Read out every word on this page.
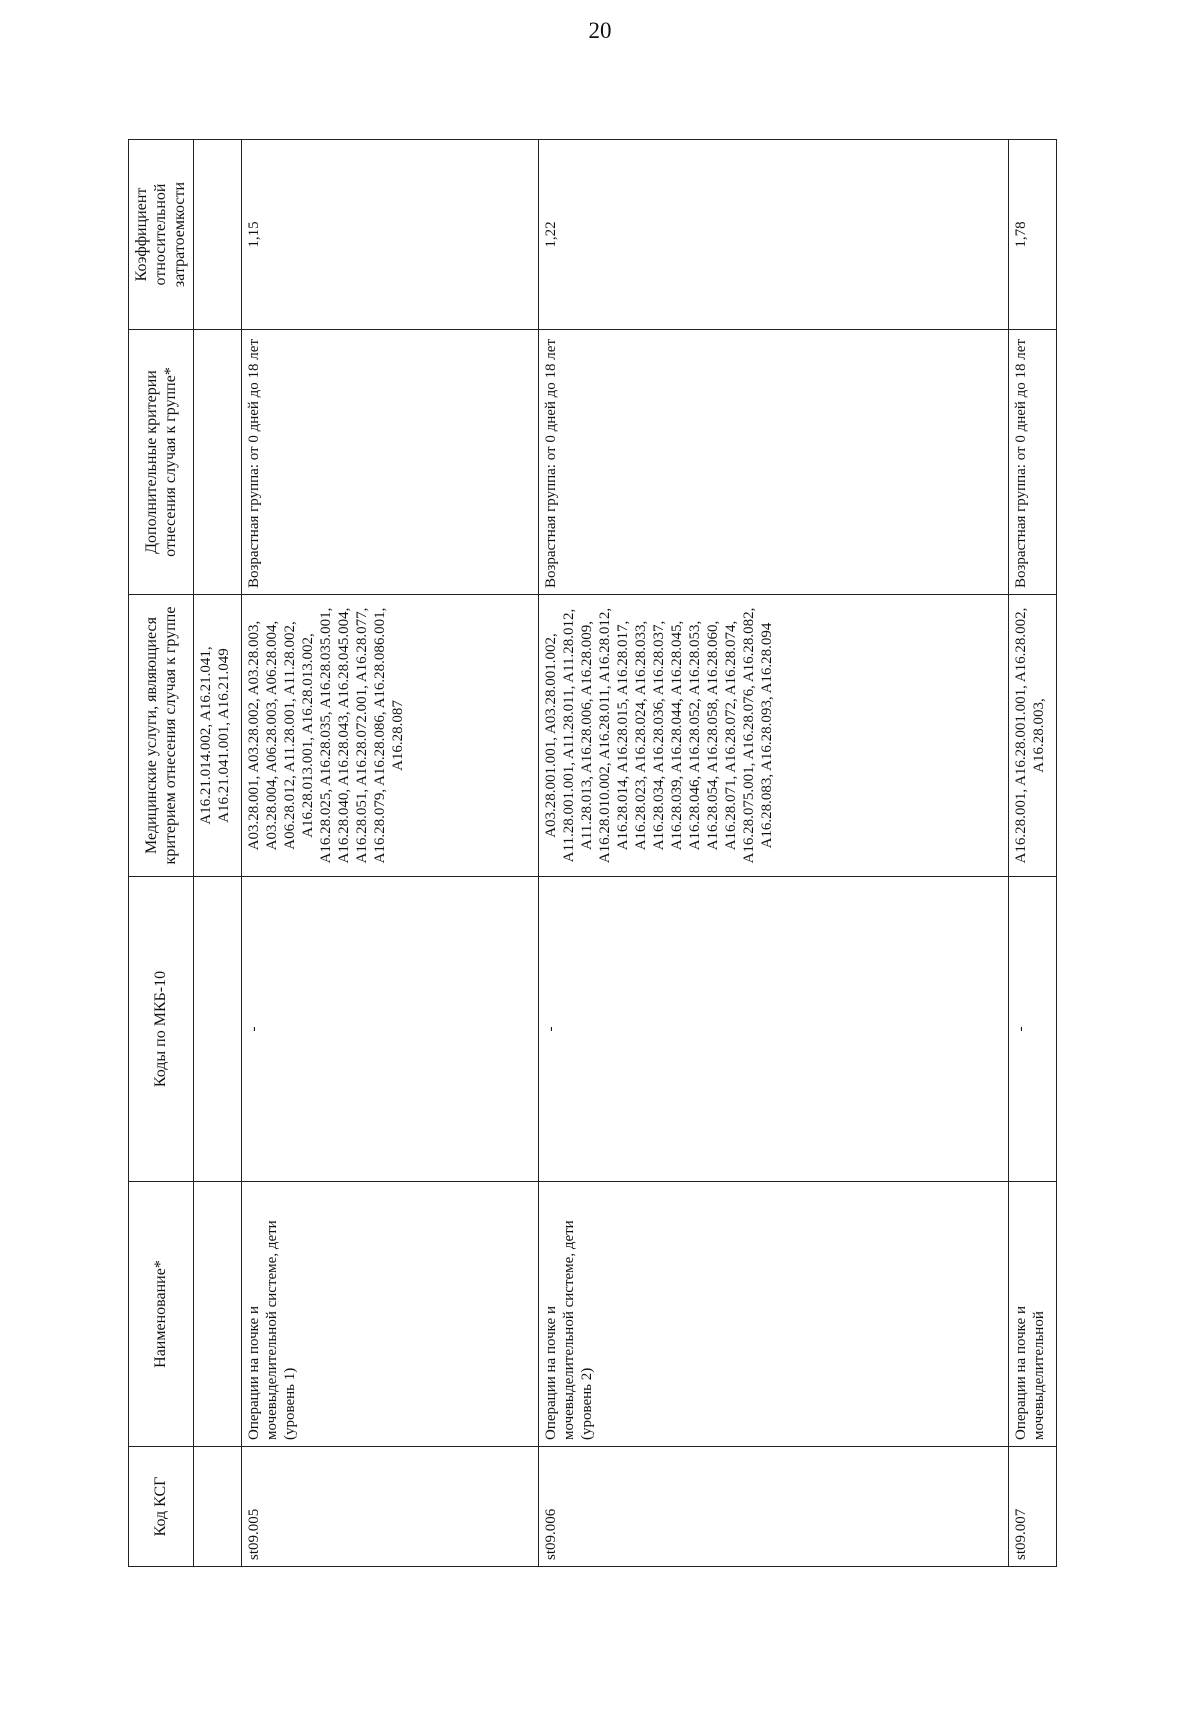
20
Код КСГ	Наименование*	Коды по МКБ-10	Медицинские услуги, являющиеся критерием отнесения случая к группе	Дополнительные критерии отнесения случая к группе*	Коэффициент относительной затратоемкости
			A16.21.014.002, A16.21.041, A16.21.041.001, A16.21.049		
st09.005	Операции на почке и мочевыделительной системе, дети (уровень 1)	-	A03.28.001, A03.28.002, A03.28.003, A03.28.004, A06.28.003, A06.28.004, A06.28.012, A11.28.001, A11.28.002, A16.28.013.001, A16.28.013.002, A16.28.025, A16.28.035, A16.28.035.001, A16.28.040, A16.28.043, A16.28.045.004, A16.28.051, A16.28.072.001, A16.28.077, A16.28.079, A16.28.086, A16.28.086.001, A16.28.087	Возрастная группа: от 0 дней до 18 лет	1,15
st09.006	Операции на почке и мочевыделительной системе, дети (уровень 2)	-	A03.28.001.001, A03.28.001.002, A11.28.001.001, A11.28.011, A11.28.012, A11.28.013, A16.28.006, A16.28.009, A16.28.010.002, A16.28.011, A16.28.012, A16.28.014, A16.28.015, A16.28.017, A16.28.023, A16.28.024, A16.28.033, A16.28.034, A16.28.036, A16.28.037, A16.28.039, A16.28.044, A16.28.045, A16.28.046, A16.28.052, A16.28.053, A16.28.054, A16.28.058, A16.28.060, A16.28.071, A16.28.072, A16.28.074, A16.28.075.001, A16.28.076, A16.28.082, A16.28.083, A16.28.093, A16.28.094	Возрастная группа: от 0 дней до 18 лет	1,22
st09.007	Операции на почке и мочевыделительной	-	A16.28.001, A16.28.001.001, A16.28.002, A16.28.003,	Возрастная группа: от 0 дней до 18 лет	1,78
